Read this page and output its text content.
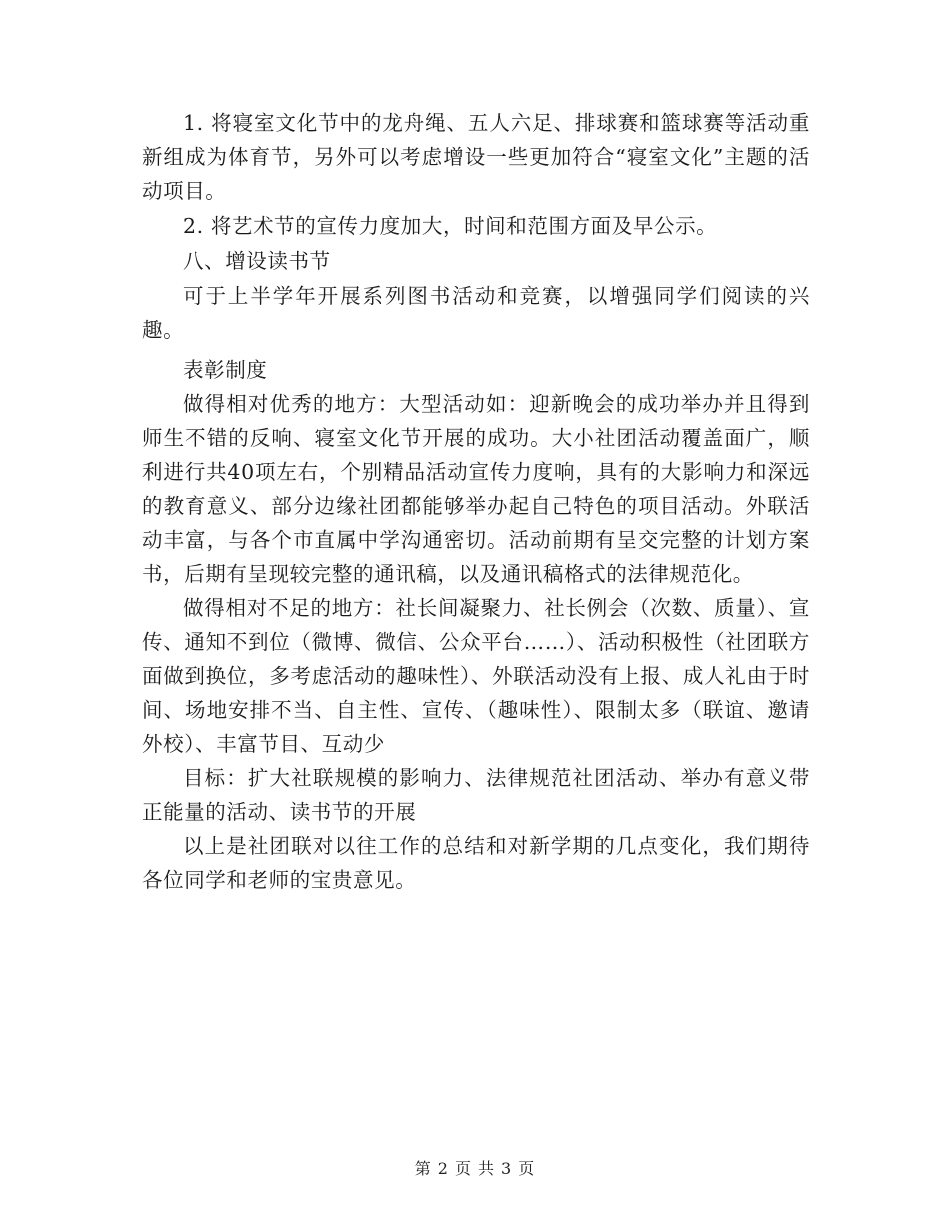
1. 将寝室文化节中的龙舟绳、五人六足、排球赛和篮球赛等活动重新组成为体育节，另外可以考虑增设一些更加符合“寝室文化”主题的活动项目。

2. 将艺术节的宣传力度加大，时间和范围方面及早公示。

八、增设读书节

可于上半学年开展系列图书活动和竞赛，以增强同学们阅读的兴趣。

表彰制度

做得相对优秀的地方：大型活动如：迎新晚会的成功举办并且得到师生不错的反响、寝室文化节开展的成功。大小社团活动覆盖面广，顺利进行共40项左右，个别精品活动宣传力度响，具有的大影响力和深远的教育意义、部分边缘社团都能够举办起自己特色的项目活动。外联活动丰富，与各个市直属中学沟通密切。活动前期有呈交完整的计划方案书，后期有呈现较完整的通讯稿，以及通讯稿格式的法律规范化。

做得相对不足的地方：社长间凝聚力、社长例会（次数、质量）、宣传、通知不到位（微博、微信、公众平台……）、活动积极性（社团联方面做到换位，多考虑活动的趣味性）、外联活动没有上报、成人礼由于时间、场地安排不当、自主性、宣传、（趣味性）、限制太多（联谊、邀请外校）、丰富节目、互动少

目标：扩大社联规模的影响力、法律规范社团活动、举办有意义带正能量的活动、读书节的开展

以上是社团联对以往工作的总结和对新学期的几点变化，我们期待各位同学和老师的宝贵意见。

第 2 页 共 3 页
